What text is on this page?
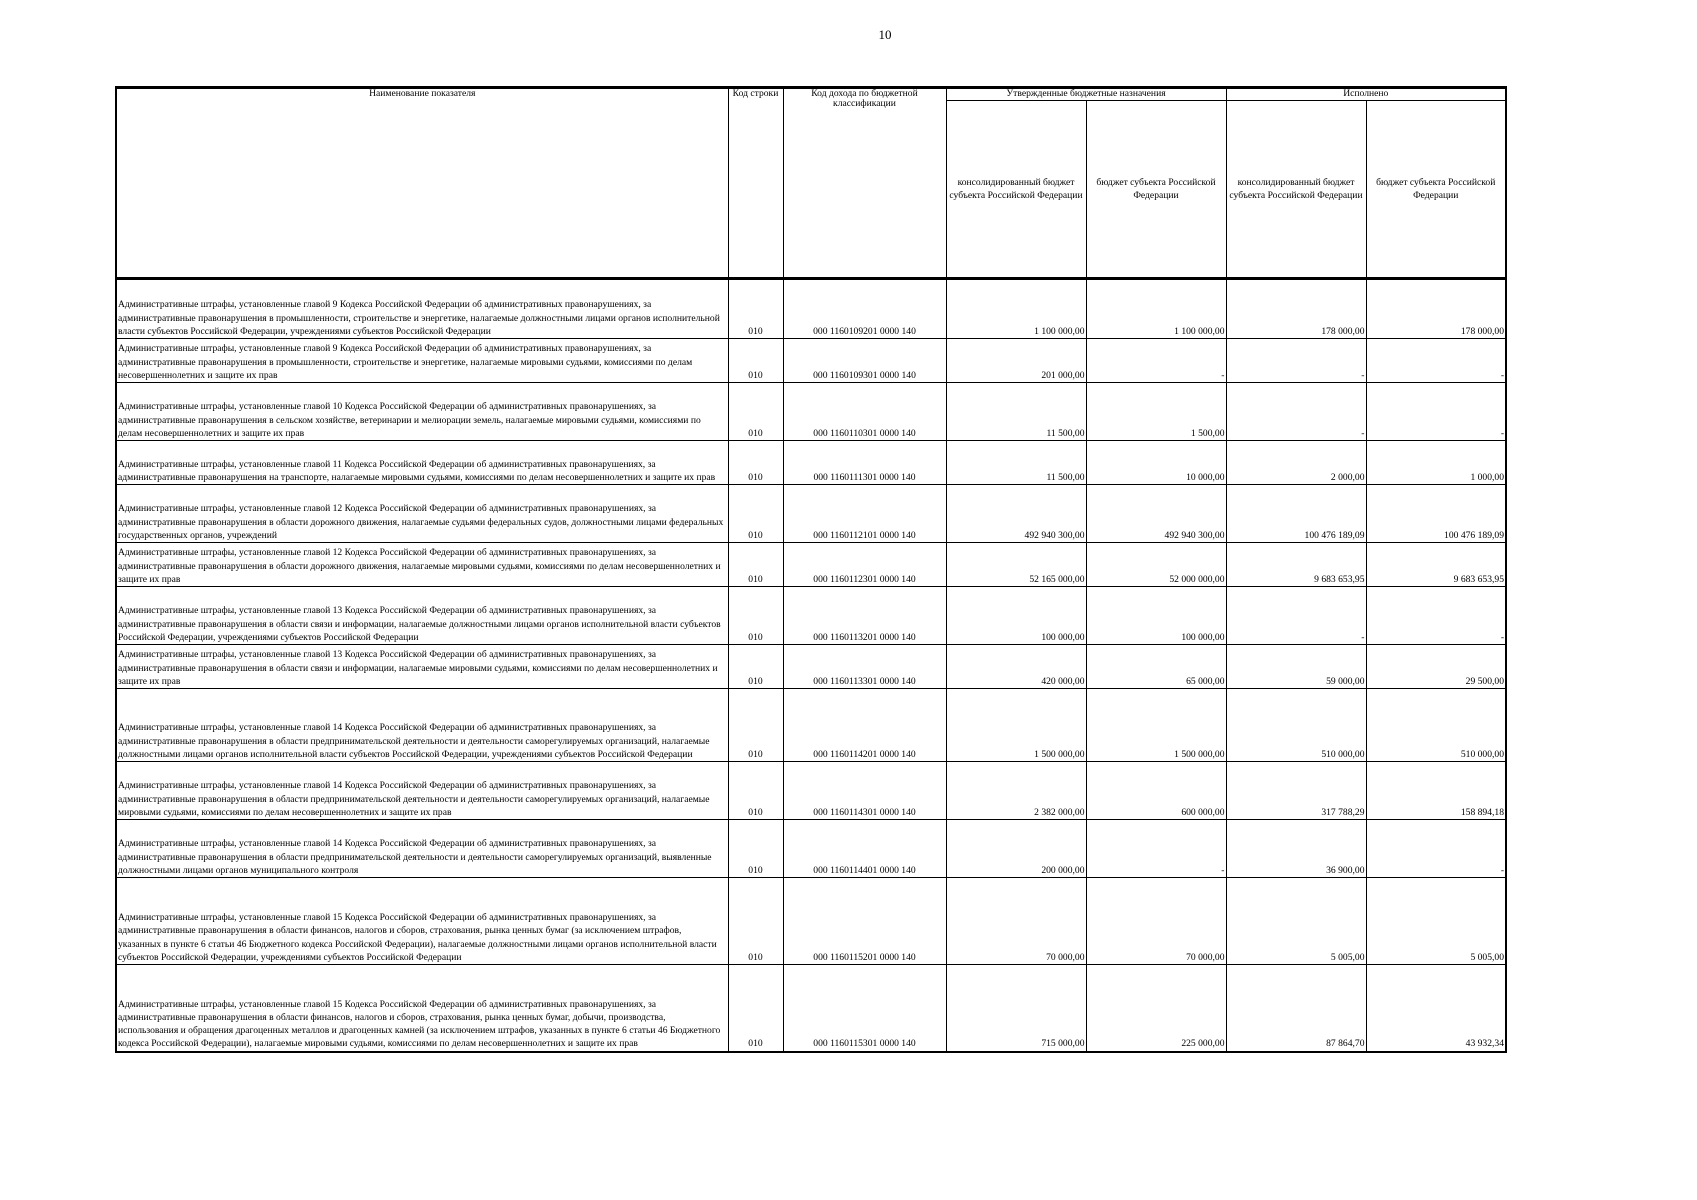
10
Наименование показателя	Код строки	Код дохода по бюджетной классификации	Утвержденные бюджетные назначения		Исполнено	
			консолидированный бюджет субъекта Российской Федерации	бюджет субъекта Российской Федерации	консолидированный бюджет субъекта Российской Федерации	бюджет субъекта Российской Федерации
Административные штрафы, установленные главой 9 Кодекса Российской Федерации об административных правонарушениях, за административные правонарушения в промышленности, строительстве и энергетике, налагаемые должностными лицами органов исполнительной власти субъектов Российской Федерации, учреждениями субъектов Российской Федерации	010	000 1160109201 0000 140	1 100 000,00	1 100 000,00	178 000,00	178 000,00
Административные штрафы, установленные главой 9 Кодекса Российской Федерации об административных правонарушениях, за административные правонарушения в промышленности, строительстве и энергетике, налагаемые мировыми судьями, комиссиями по делам несовершеннолетних и защите их прав	010	000 1160109301 0000 140	201 000,00	-	-	-
Административные штрафы, установленные главой 10 Кодекса Российской Федерации об административных правонарушениях, за административные правонарушения в сельском хозяйстве, ветеринарии и мелиорации земель, налагаемые мировыми судьями, комиссиями по делам несовершеннолетних и защите их прав	010	000 1160110301 0000 140	11 500,00	1 500,00	-	-
Административные штрафы, установленные главой 11 Кодекса Российской Федерации об административных правонарушениях, за административные правонарушения на транспорте, налагаемые мировыми судьями, комиссиями по делам несовершеннолетних и защите их прав	010	000 1160111301 0000 140	11 500,00	10 000,00	2 000,00	1 000,00
Административные штрафы, установленные главой 12 Кодекса Российской Федерации об административных правонарушениях, за административные правонарушения в области дорожного движения, налагаемые судьями федеральных судов, должностными лицами федеральных государственных органов, учреждений	010	000 1160112101 0000 140	492 940 300,00	492 940 300,00	100 476 189,09	100 476 189,09
Административные штрафы, установленные главой 12 Кодекса Российской Федерации об административных правонарушениях, за административные правонарушения в области дорожного движения, налагаемые мировыми судьями, комиссиями по делам несовершеннолетних и защите их прав	010	000 1160112301 0000 140	52 165 000,00	52 000 000,00	9 683 653,95	9 683 653,95
Административные штрафы, установленные главой 13 Кодекса Российской Федерации об административных правонарушениях, за административные правонарушения в области связи и информации, налагаемые должностными лицами органов исполнительной власти субъектов Российской Федерации, учреждениями субъектов Российской Федерации	010	000 1160113201 0000 140	100 000,00	100 000,00	-	-
Административные штрафы, установленные главой 13 Кодекса Российской Федерации об административных правонарушениях, за административные правонарушения в области связи и информации, налагаемые мировыми судьями, комиссиями по делам несовершеннолетних и защите их прав	010	000 1160113301 0000 140	420 000,00	65 000,00	59 000,00	29 500,00
Административные штрафы, установленные главой 14 Кодекса Российской Федерации об административных правонарушениях, за административные правонарушения в области предпринимательской деятельности и деятельности саморегулируемых организаций, налагаемые должностными лицами органов исполнительной власти субъектов Российской Федерации, учреждениями субъектов Российской Федерации	010	000 1160114201 0000 140	1 500 000,00	1 500 000,00	510 000,00	510 000,00
Административные штрафы, установленные главой 14 Кодекса Российской Федерации об административных правонарушениях, за административные правонарушения в области предпринимательской деятельности и деятельности саморегулируемых организаций, налагаемые мировыми судьями, комиссиями по делам несовершеннолетних и защите их прав	010	000 1160114301 0000 140	2 382 000,00	600 000,00	317 788,29	158 894,18
Административные штрафы, установленные главой 14 Кодекса Российской Федерации об административных правонарушениях, за административные правонарушения в области предпринимательской деятельности и деятельности саморегулируемых организаций, выявленные должностными лицами органов муниципального контроля	010	000 1160114401 0000 140	200 000,00	-	36 900,00	-
Административные штрафы, установленные главой 15 Кодекса Российской Федерации об административных правонарушениях, за административные правонарушения в области финансов, налогов и сборов, страхования, рынка ценных бумаг (за исключением штрафов, указанных в пункте 6 статьи 46 Бюджетного кодекса Российской Федерации), налагаемые должностными лицами органов исполнительной власти субъектов Российской Федерации, учреждениями субъектов Российской Федерации	010	000 1160115201 0000 140	70 000,00	70 000,00	5 005,00	5 005,00
Административные штрафы, установленные главой 15 Кодекса Российской Федерации об административных правонарушениях, за административные правонарушения в области финансов, налогов и сборов, страхования, рынка ценных бумаг, добычи, производства, использования и обращения драгоценных металлов и драгоценных камней (за исключением штрафов, указанных в пункте 6 статьи 46 Бюджетного кодекса Российской Федерации), налагаемые мировыми судьями, комиссиями по делам несовершеннолетних и защите их прав	010	000 1160115301 0000 140	715 000,00	225 000,00	87 864,70	43 932,34
